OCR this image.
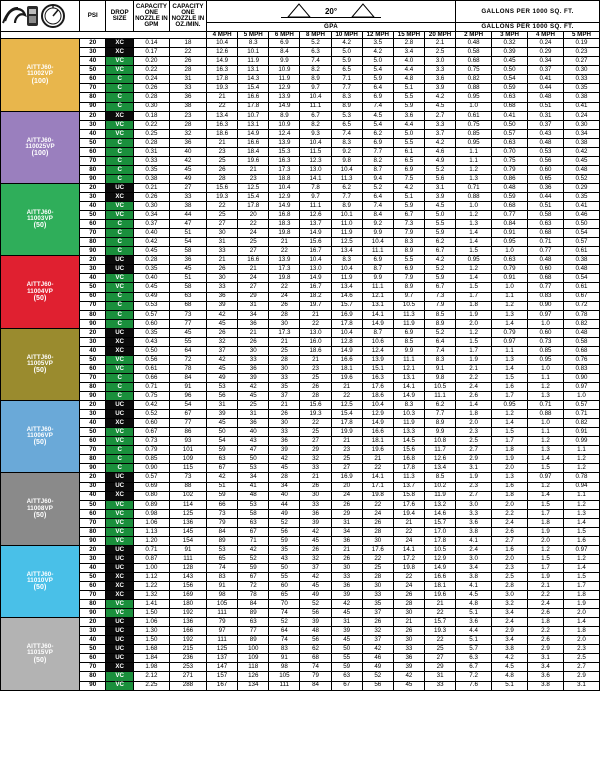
	PSI	DROP SIZE	CAPACITY ONE NOZZLE IN GPM	CAPACITY ONE NOZZLE IN OZ./MIN.	20°								GALLONS PER 1000 SQ. FT.			
					GPA								GALLONS PER 1000 SQ. FT.			
					4 MPH	5 MPH	6 MPH	8 MPH	10 MPH	12 MPH	15 MPH	20 MPH	2 MPH	3 MPH	4 MPH	5 MPH

AITTJ60-
11002VP
(100)	20	XC	0.14	18	10.4	8.3	6.9	5.2	4.2	3.5	2.8	2.1	0.48	0.32	0.24	0.19
	30	XC	0.17	22	12.6	10.1	8.4	6.3	5.0	4.2	3.4	2.5	0.58	0.39	0.29	0.23
	40	VC	0.20	26	14.9	11.9	9.9	7.4	5.9	5.0	4.0	3.0	0.68	0.45	0.34	0.27
	50	VC	0.22	28	16.3	13.1	10.9	8.2	6.5	5.4	4.4	3.3	0.75	0.50	0.37	0.30
	60	C	0.24	31	17.8	14.3	11.9	8.9	7.1	5.9	4.8	3.6	0.82	0.54	0.41	0.33
	70	C	0.26	33	19.3	15.4	12.9	9.7	7.7	6.4	5.1	3.9	0.88	0.59	0.44	0.35
	80	C	0.28	36	21	16.6	13.9	10.4	8.3	6.9	5.5	4.2	0.95	0.63	0.48	0.38
	90	C	0.30	38	22	17.8	14.9	11.1	8.9	7.4	5.9	4.5	1.0	0.68	0.51	0.41

AITTJ60-
110025VP
(100)	20	XC	0.18	23	13.4	10.7	8.9	6.7	5.3	4.5	3.6	2.7	0.61	0.41	0.31	0.24
	30	VC	0.22	28	16.3	13.1	10.9	8.2	6.5	5.4	4.4	3.3	0.75	0.50	0.37	0.30
	40	VC	0.25	32	18.6	14.9	12.4	9.3	7.4	6.2	5.0	3.7	0.85	0.57	0.43	0.34
	50	C	0.28	36	21	16.6	13.9	10.4	8.3	6.9	5.5	4.2	0.95	0.63	0.48	0.38
	60	C	0.31	40	23	18.4	15.3	11.5	9.2	7.7	6.1	4.6	1.1	0.70	0.53	0.42
	70	C	0.33	42	25	19.6	16.3	12.3	9.8	8.2	6.5	4.9	1.1	0.75	0.56	0.45
	80	C	0.35	45	26	21	17.3	13.0	10.4	8.7	6.9	5.2	1.2	0.79	0.60	0.48
	90	C	0.38	49	28	23	18.8	14.1	11.3	9.4	7.5	5.6	1.3	0.86	0.65	0.52

AITTJ60-
11003VP
(50)	20	UC	0.21	27	15.6	12.5	10.4	7.8	6.2	5.2	4.2	3.1	0.71	0.48	0.36	0.29
	30	XC	0.26	33	19.3	15.4	12.9	9.7	7.7	6.4	5.1	3.9	0.88	0.59	0.44	0.35
	40	VC	0.30	38	22	17.8	14.9	11.1	8.9	7.4	5.9	4.5	1.0	0.68	0.51	0.41
	50	VC	0.34	44	25	20	16.8	12.6	10.1	8.4	6.7	5.0	1.2	0.77	0.58	0.46
	60	C	0.37	47	27	22	18.3	13.7	11.0	9.2	7.3	5.5	1.3	0.84	0.63	0.50
	70	C	0.40	51	30	24	19.8	14.9	11.9	9.9	7.9	5.9	1.4	0.91	0.68	0.54
	80	C	0.42	54	31	25	21	15.6	12.5	10.4	8.3	6.2	1.4	0.95	0.71	0.57
	90	C	0.45	58	33	27	22	16.7	13.4	11.1	8.9	6.7	1.5	1.0	0.77	0.61

AITTJ60-
11004VP
(50)	20	UC	0.28	36	21	16.6	13.9	10.4	8.3	6.9	5.5	4.2	0.95	0.63	0.48	0.38
	30	UC	0.35	45	26	21	17.3	13.0	10.4	8.7	6.9	5.2	1.2	0.79	0.60	0.48
	40	VC	0.40	51	30	24	19.8	14.9	11.9	9.9	7.9	5.9	1.4	0.91	0.68	0.54
	50	VC	0.45	58	33	27	22	16.7	13.4	11.1	8.9	6.7	1.5	1.0	0.77	0.61
	60	C	0.49	63	36	29	24	18.2	14.6	12.1	9.7	7.3	1.7	1.1	0.83	0.67
	70	C	0.53	68	39	31	26	19.7	15.7	13.1	10.5	7.9	1.8	1.2	0.90	0.72
	80	C	0.57	73	42	34	28	21	16.9	14.1	11.3	8.5	1.9	1.3	0.97	0.78
	90	C	0.60	77	45	36	30	22	17.8	14.9	11.9	8.9	2.0	1.4	1.0	0.82

AITTJ60-
11005VP
(50)	20	UC	0.35	45	26	21	17.3	13.0	10.4	8.7	6.9	5.2	1.2	0.79	0.60	0.48
	30	XC	0.43	55	32	26	21	16.0	12.8	10.6	8.5	6.4	1.5	0.97	0.73	0.58
	40	XC	0.50	64	37	30	25	18.6	14.9	12.4	9.9	7.4	1.7	1.1	0.85	0.68
	50	VC	0.56	72	42	33	28	21	16.6	13.9	11.1	8.3	1.9	1.3	0.95	0.76
	60	VC	0.61	78	45	36	30	23	18.1	15.1	12.1	9.1	2.1	1.4	1.0	0.83
	70	C	0.66	84	49	39	33	25	19.6	16.3	13.1	9.8	2.2	1.5	1.1	0.90
	80	C	0.71	91	53	42	35	26	21	17.6	14.1	10.5	2.4	1.6	1.2	0.97
	90	C	0.75	96	56	45	37	28	22	18.6	14.9	11.1	2.6	1.7	1.3	1.0

AITTJ60-
11006VP
(50)	20	UC	0.42	54	31	25	21	15.6	12.5	10.4	8.3	6.2	1.4	0.95	0.71	0.57
	30	UC	0.52	67	39	31	26	19.3	15.4	12.9	10.3	7.7	1.8	1.2	0.88	0.71
	40	XC	0.60	77	45	36	30	22	17.8	14.9	11.9	8.9	2.0	1.4	1.0	0.82
	50	VC	0.67	86	50	40	33	25	19.9	16.6	13.3	9.9	2.3	1.5	1.1	0.91
	60	VC	0.73	93	54	43	36	27	21	18.1	14.5	10.8	2.5	1.7	1.2	0.99
	70	C	0.79	101	59	47	39	29	23	19.6	15.6	11.7	2.7	1.8	1.3	1.1
	80	C	0.85	109	63	50	42	32	25	21	16.8	12.6	2.9	1.9	1.4	1.2
	90	C	0.90	115	67	53	45	33	27	22	17.8	13.4	3.1	2.0	1.5	1.2

AITTJ60-
11008VP
(50)	20	UC	0.57	73	42	34	28	21	16.9	14.1	11.3	8.5	1.9	1.3	0.97	0.78
	30	UC	0.69	88	51	41	34	26	20	17.1	13.7	10.2	2.3	1.6	1.2	0.94
	40	XC	0.80	102	59	48	40	30	24	19.8	15.8	11.9	2.7	1.8	1.4	1.1
	50	VC	0.89	114	66	53	44	33	26	22	17.6	13.2	3.0	2.0	1.5	1.2
	60	VC	0.98	125	73	58	49	36	29	24	19.4	14.6	3.3	2.2	1.7	1.3
	70	VC	1.06	136	79	63	52	39	31	26	21	15.7	3.6	2.4	1.8	1.4
	80	VC	1.13	145	84	67	56	42	34	28	22	17.0	3.8	2.6	1.9	1.5
	90	VC	1.20	154	89	71	59	45	36	30	24	17.8	4.1	2.7	2.0	1.6

AITTJ60-
11010VP
(50)	20	UC	0.71	91	53	42	35	26	21	17.6	14.1	10.5	2.4	1.6	1.2	0.97
	30	UC	0.87	111	65	52	43	32	26	22	17.2	12.9	3.0	2.0	1.5	1.2
	40	UC	1.00	128	74	59	50	37	30	25	19.8	14.9	3.4	2.3	1.7	1.4
	50	XC	1.12	143	83	67	55	42	33	28	22	16.6	3.8	2.5	1.9	1.5
	60	XC	1.22	156	91	72	60	45	36	30	24	18.1	4.1	2.8	2.1	1.7
	70	XC	1.32	169	98	78	65	49	39	33	26	19.6	4.5	3.0	2.2	1.8
	80	VC	1.41	180	105	84	70	52	42	35	28	21	4.8	3.2	2.4	1.9
	90	VC	1.50	192	111	89	74	56	45	37	30	22	5.1	3.4	2.6	2.0

AITTJ60-
11015VP
(50)	20	UC	1.06	136	79	63	52	39	31	26	21	15.7	3.6	2.4	1.8	1.4
	30	UC	1.30	166	97	77	64	48	39	32	26	19.3	4.4	2.9	2.2	1.8
	40	UC	1.50	192	111	89	74	56	45	37	30	22	5.1	3.4	2.6	2.0
	50	UC	1.68	215	125	100	83	62	50	42	33	25	5.7	3.8	2.9	2.3
	60	UC	1.84	236	137	109	91	68	55	46	36	27	6.3	4.2	3.1	2.5
	70	XC	1.98	253	147	118	98	74	59	49	39	29	6.7	4.5	3.4	2.7
	80	VC	2.12	271	157	126	105	79	63	52	42	31	7.2	4.8	3.6	2.9
	90	VC	2.25	288	167	134	111	84	67	56	45	33	7.6	5.1	3.8	3.1
